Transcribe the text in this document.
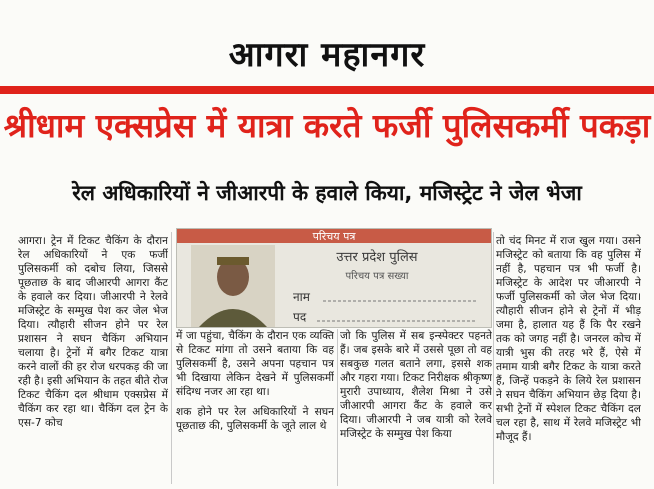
आगरा महानगर
श्रीधाम एक्सप्रेस में यात्रा करते फर्जी पुलिसकर्मी पकड़ा
रेल अधिकारियों ने जीआरपी के हवाले किया, मजिस्ट्रेट ने जेल भेजा
परिचय पत्र
उत्तर प्रदेश पुलिस
परिचय पत्र सख्या
नाम
पद

आगरा। ट्रेन में टिकट चैकिंग के दौरान रेल अधिकारियों ने एक फर्जी पुलिसकर्मी को दबोच लिया, जिससे पूछताछ के बाद जीआरपी आगरा कैंट के हवाले कर दिया। जीआरपी ने रेलवे मजिस्ट्रेट के सम्मुख पेश कर जेल भेज दिया। त्यौहारी सीजन होने पर रेल प्रशासन ने सघन चैकिंग अभियान चलाया है। ट्रेनों में बगैर टिकट यात्रा करने वालों की हर रोज धरपकड़ की जा रही है। इसी अभियान के तहत बीते रोज टिकट चैकिंग दल श्रीधाम एक्सप्रेस में चैकिंग कर रहा था। चैकिंग दल ट्रेन के एस-7 कोच

में जा पहुंचा, चैकिंग के दौरान एक व्यक्ति से टिकट मांगा तो उसने बताया कि वह पुलिसकर्मी है, उसने अपना पहचान पत्र भी दिखाया लेकिन देखने में पुलिसकर्मी संदिग्ध नजर आ रहा था।

शक होने पर रेल अधिकारियों ने सघन पूछताछ की, पुलिसकर्मी के जूते लाल थे

जो कि पुलिस में सब इन्स्पेक्टर पहनते हैं। जब इसके बारे में उससे पूछा तो वह सबकुछ गलत बताने लगा, इससे शक और गहरा गया। टिकट निरीक्षक श्रीकृष्ण मुरारी उपाध्याय, शैलेश मिश्रा ने उसे जीआरपी आगरा कैंट के हवाले कर दिया। जीआरपी ने जब यात्री को रेलवे मजिस्ट्रेट के सम्मुख पेश किया

तो चंद मिनट में राज खुल गया। उसने मजिस्ट्रेट को बताया कि वह पुलिस में नहीं है, पहचान पत्र भी फर्जी है। मजिस्ट्रेट के आदेश पर जीआरपी ने फर्जी पुलिसकर्मी को जेल भेज दिया। त्यौहारी सीजन होने से ट्रेनों में भीड़ जमा है, हालात यह हैं कि पैर रखने तक को जगह नहीं है। जनरल कोच में यात्री भुस की तरह भरे हैं, ऐसे में तमाम यात्री बगैर टिकट के यात्रा करते हैं, जिन्हें पकड़ने के लिये रेल प्रशासन ने सघन चैकिंग अभियान छेड़ दिया है। सभी ट्रेनों में स्पेशल टिकट चैकिंग दल चल रहा है, साथ में रेलवे मजिस्ट्रेट भी मौजूद हैं।
